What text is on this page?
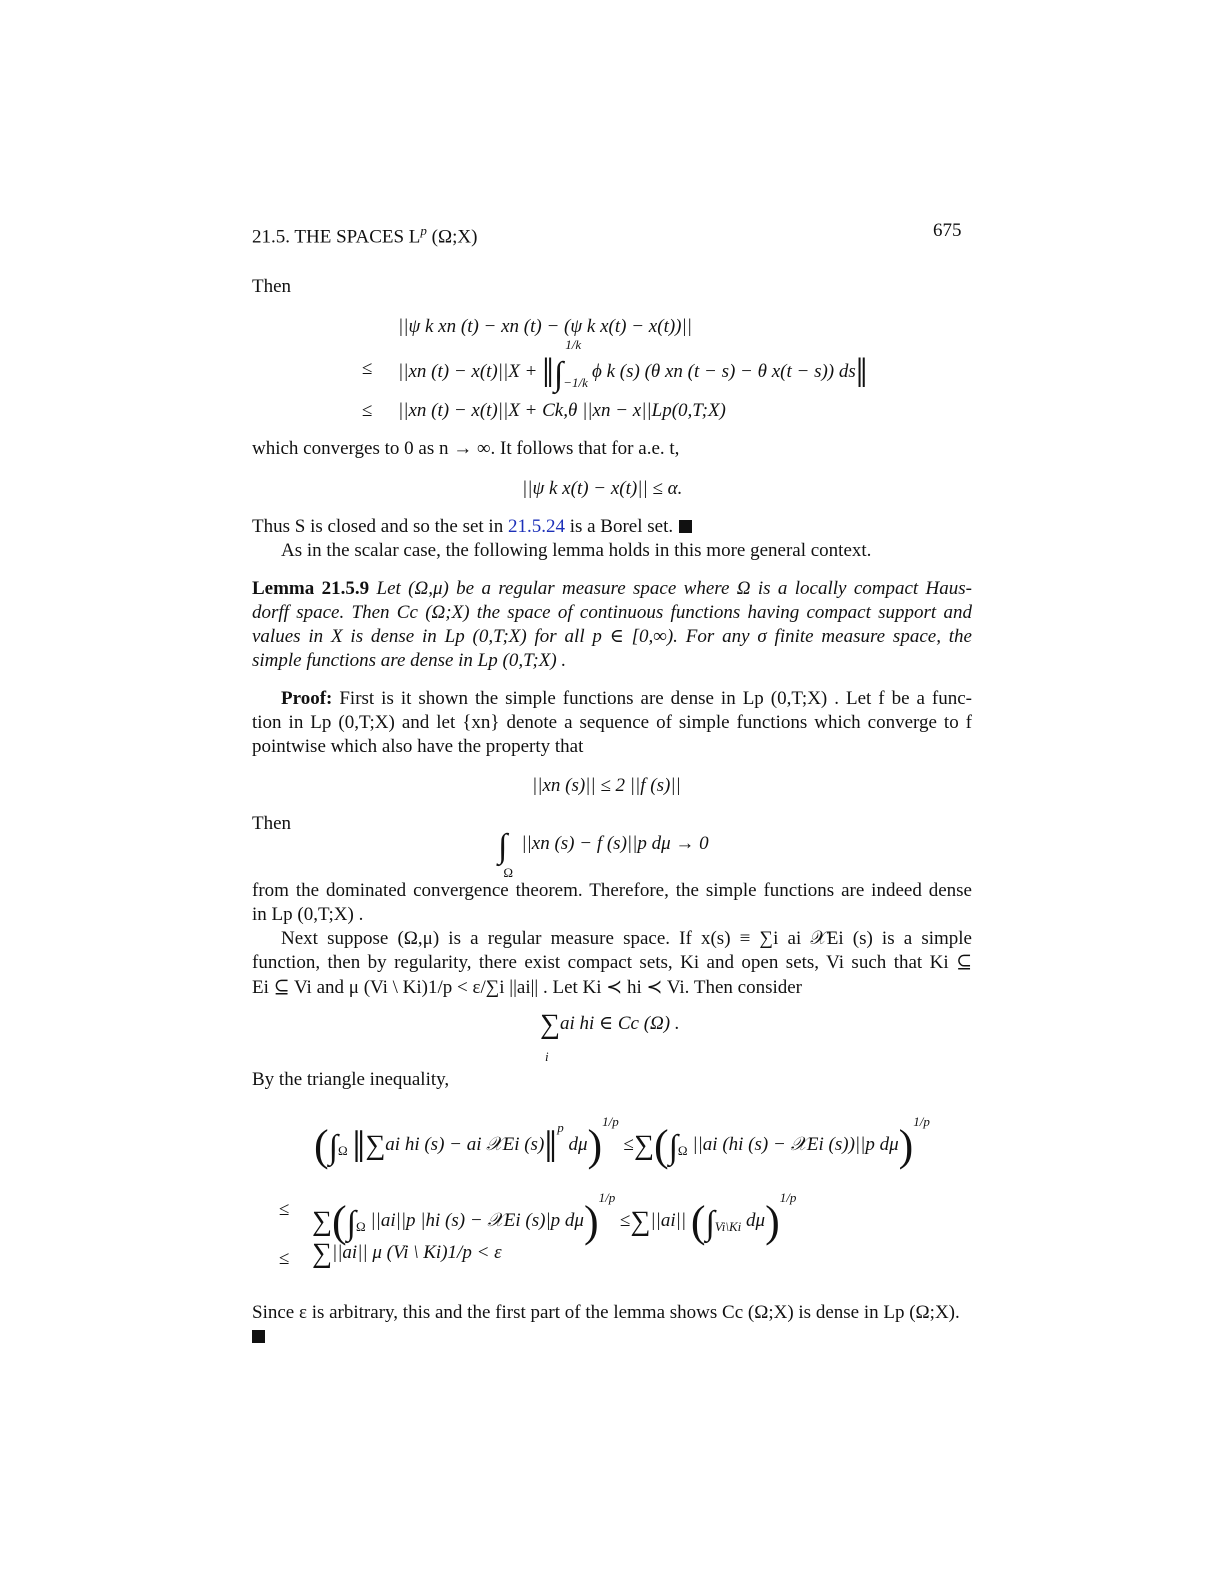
21.5. THE SPACES $L^p$ (Ω;X)	675
Then
||ψ k xn (t) − xn (t) − (ψ k x(t) − x(t))||
≤ ||xn (t) − x(t)||X + ‖∫
1/k
−1/k
ϕ k (s) (θ xn (t − s) − θ x(t − s)) ds‖
≤ ||xn (t) − x(t)||X + Ck,θ ||xn − x||Lp(0,T;X)
which converges to 0 as n → ∞. It follows that for a.e. t,
||ψ k x(t) − x(t)|| ≤ α.
Thus S is closed and so the set in 21.5.24 is a Borel set.
As in the scalar case, the following lemma holds in this more general context.
Lemma 21.5.9 Let (Ω,μ) be a regular measure space where Ω is a locally compact Haus-
dorff space. Then Cc (Ω;X) the space of continuous functions having compact support and
values in X is dense in Lp (0,T;X) for all p ∈ [0,∞). For any σ finite measure space, the
simple functions are dense in Lp (0,T;X) .
Proof: First is it shown the simple functions are dense in Lp (0,T;X) . Let f be a func-
tion in Lp (0,T;X) and let {xn} denote a sequence of simple functions which converge to f
pointwise which also have the property that
||xn (s)|| ≤ 2 ||f (s)||
Then
∫
Ω
||xn (s) − f (s)||p dμ → 0
from the dominated convergence theorem. Therefore, the simple functions are indeed dense
in Lp (0,T;X) .
Next suppose (Ω,μ) is a regular measure space. If x(s) ≡ ∑i ai 𝒳Ei (s) is a simple
function, then by regularity, there exist compact sets, Ki and open sets, Vi such that Ki ⊆
Ei ⊆ Vi and μ (Vi \ Ki)1/p < ε/∑i ||ai|| . Let Ki ≺ hi ≺ Vi. Then consider
∑
i
ai hi ∈ Cc (Ω) .
By the triangle inequality,
($\int_\Omega$ ‖∑ai hi (s) − ai 𝒳Ei (s)‖$^p$ $d\mu)^{1/p} \le\sum(\int_\Omega$ ||ai (hi (s) − 𝒳Ei (s))||p dμ)$^{1/p}$
≤ $\sum(\int_\Omega$ ||ai||p |hi (s) − 𝒳Ei (s)|p dμ)$^{1/p}$ ≤∑||ai|| ($\int_{Vi\backslash Ki}$ dμ)$^{1/p}$
≤ ∑||ai|| μ (Vi \ Ki)1/p < ε
Since ε is arbitrary, this and the first part of the lemma shows Cc (Ω;X) is dense in Lp (Ω;X).
